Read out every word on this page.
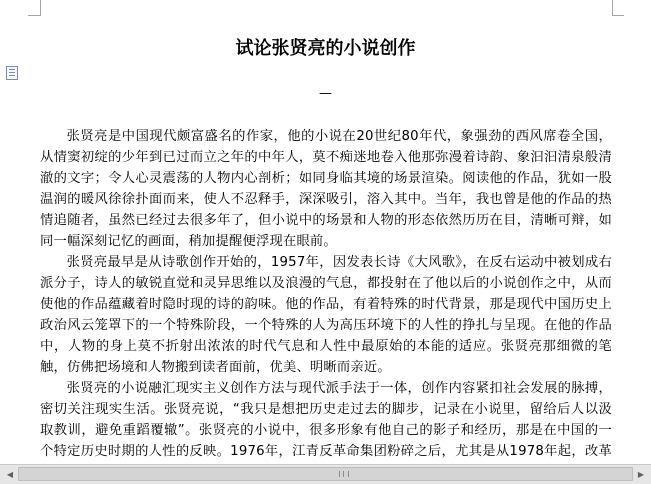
试论张贤亮的小说创作
—

张贤亮是中国现代颇富盛名的作家，他的小说在20世纪80年代，象强劲的西风席卷全国，从情窦初绽的少年到已过而立之年的中年人，莫不痴迷地卷入他那弥漫着诗韵、象汩汩清泉般清澈的文字；令人心灵震荡的人物内心剖析；如同身临其境的场景渲染。阅读他的作品，犹如一股温润的暖风徐徐扑面而来，使人不忍释手，深深吸引，溶入其中。当年，我也曾是他的作品的热情追随者，虽然已经过去很多年了，但小说中的场景和人物的形态依然历历在目，清晰可辩，如同一幅深刻记忆的画面，稍加提醒便浮现在眼前。

张贤亮最早是从诗歌创作开始的，1957年，因发表长诗《大风歌》，在反右运动中被划成右派分子，诗人的敏锐直觉和灵异思维以及浪漫的气息，都投射在了他以后的小说创作之中，从而使他的作品蕴藏着时隐时现的诗的韵味。他的作品，有着特殊的时代背景，那是现代中国历史上政治风云笼罩下的一个特殊阶段，一个特殊的人为高压环境下的人性的挣扎与呈现。在他的作品中，人物的身上莫不折射出浓浓的时代气息和人性中最原始的本能的适应。张贤亮那细微的笔触，仿佛把场境和人物搬到读者面前，优美、明晰而亲近。

张贤亮的小说融汇现实主义创作方法与现代派手法于一体，创作内容紧扣社会发展的脉搏，密切关注现实生活。张贤亮说，“我只是想把历史走过去的脚步，记录在小说里，留给后人以汲取教训，避免重蹈覆辙”。张贤亮的小说中，很多形象有他自己的影子和经历，那是在中国的一个特定历史时期的人性的反映。1976年，江青反革命集团粉碎之后，尤其是从1978年起，改革

◀	▶
